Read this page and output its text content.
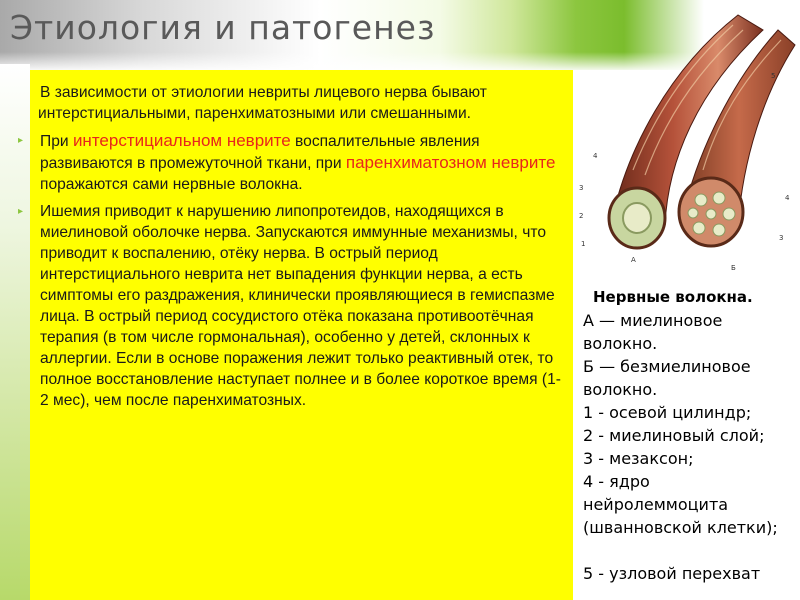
Этиология и патогенез

В зависимости от этиологии невриты лицевого нерва бывают интерстициальными, паренхиматозными или смешанными.

▸ При интерстициальном неврите воспалительные явления развиваются в промежуточной ткани, при паренхиматозном неврите поражаются сами нервные волокна.

▸ Ишемия приводит к нарушению липопротеидов, находящихся в миелиновой оболочке нерва. Запускаются иммунные механизмы, что приводит к воспалению, отёку нерва. В острый период интерстициального неврита нет выпадения функции нерва, а есть симптомы его раздражения, клинически проявляющиеся в гемиспазме лица. В острый период сосудистого отёка показана противоотёчная терапия (в том числе гормональная), особенно у детей, склонных к аллергии. Если в основе поражения лежит только реактивный отек, то полное восстановление наступает полнее и в более короткое время (1-2 мес), чем после паренхиматозных.

5
4
3
2
1
4
3
А
Б
Нервные волокна.
А — миелиновое
волокно.
Б — безмиелиновое
волокно.
1 - осевой цилиндр;
2 - миелиновый слой;
3 - мезаксон;
4 - ядро
нейролеммоцита
(шванновской клетки);
5 - узловой перехват
